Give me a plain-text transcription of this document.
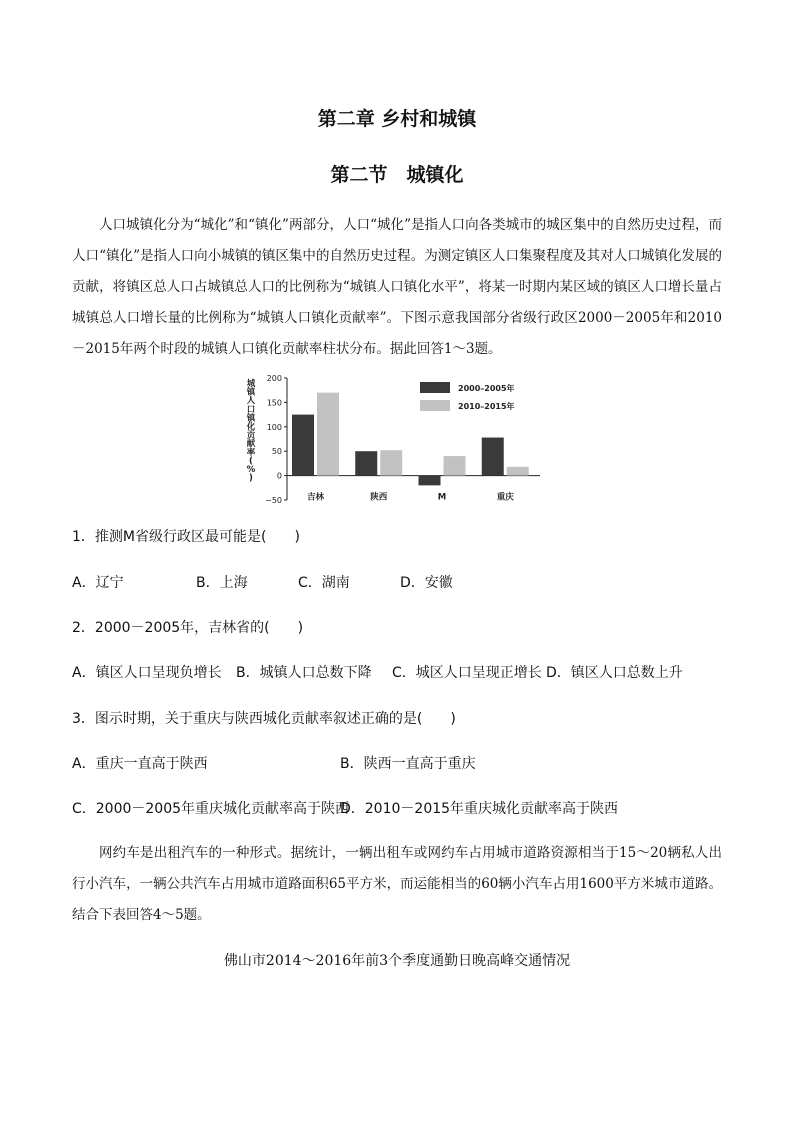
第二章 乡村和城镇
第二节　城镇化
人口城镇化分为“城化”和“镇化”两部分，人口“城化”是指人口向各类城市的城区集中的自然历史过程，而人口“镇化”是指人口向小城镇的镇区集中的自然历史过程。为测定镇区人口集聚程度及其对人口城镇化发展的贡献，将镇区总人口占城镇总人口的比例称为“城镇人口镇化水平”，将某一时期内某区域的镇区人口增长量占城镇总人口增长量的比例称为“城镇人口镇化贡献率”。下图示意我国部分省级行政区2000－2005年和2010－2015年两个时段的城镇人口镇化贡献率柱状分布。据此回答1～3题。
200
150
100
50
0
−50
城
镇
人
口
镇
化
贡
献
率
(
%
)
吉林	陕西	M	重庆
2000–2005年
2010–2015年
1．推测M省级行政区最可能是(　　)
A．辽宁	B．上海	C．湖南	D．安徽
2．2000－2005年，吉林省的(　　)
A．镇区人口呈现负增长 B．城镇人口总数下降 C．城区人口呈现正增长 D．镇区人口总数上升
3．图示时期，关于重庆与陕西城化贡献率叙述正确的是(　　)
A．重庆一直高于陕西	B．陕西一直高于重庆
C．2000－2005年重庆城化贡献率高于陕西
D．2010－2015年重庆城化贡献率高于陕西
网约车是出租汽车的一种形式。据统计，一辆出租车或网约车占用城市道路资源相当于15～20辆私人出行小汽车，一辆公共汽车占用城市道路面积65平方米，而运能相当的60辆小汽车占用1600平方米城市道路。结合下表回答4～5题。
佛山市2014～2016年前3个季度通勤日晚高峰交通情况
